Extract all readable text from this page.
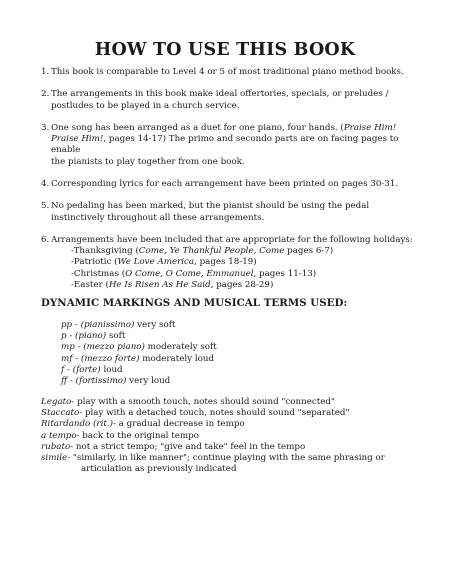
HOW TO USE THIS BOOK
1. This book is comparable to Level 4 or 5 of most traditional piano method books.
2. The arrangements in this book make ideal offertories, specials, or preludes /
postludes to be played in a church service.
3. One song has been arranged as a duet for one piano, four hands. (Praise Him!
Praise Him!, pages 14-17) The primo and secondo parts are on facing pages to enable
the pianists to play together from one book.
4. Corresponding lyrics for each arrangement have been printed on pages 30-31.
5. No pedaling has been marked, but the pianist should be using the pedal
instinctively throughout all these arrangements.
6. Arrangements have been included that are appropriate for the following holidays:
-Thanksgiving (Come, Ye Thankful People, Come pages 6-7)
-Patriotic (We Love America, pages 18-19)
-Christmas (O Come, O Come, Emmanuel, pages 11-13)
-Easter (He Is Risen As He Said, pages 28-29)
DYNAMIC MARKINGS AND MUSICAL TERMS USED:
pp - (pianissimo) very soft
p - (piano) soft
mp - (mezzo piano) moderately soft
mf - (mezzo forte) moderately loud
f - (forte) loud
ff - (fortissimo) very loud
Legato- play with a smooth touch, notes should sound "connected"
Staccato- play with a detached touch, notes should sound "separated"
Ritardando (rit.)- a gradual decrease in tempo
a tempo- back to the original tempo
rubato- not a strict tempo; "give and take" feel in the tempo
simile- "similarly, in like manner"; continue playing with the same phrasing or
articulation as previously indicated
